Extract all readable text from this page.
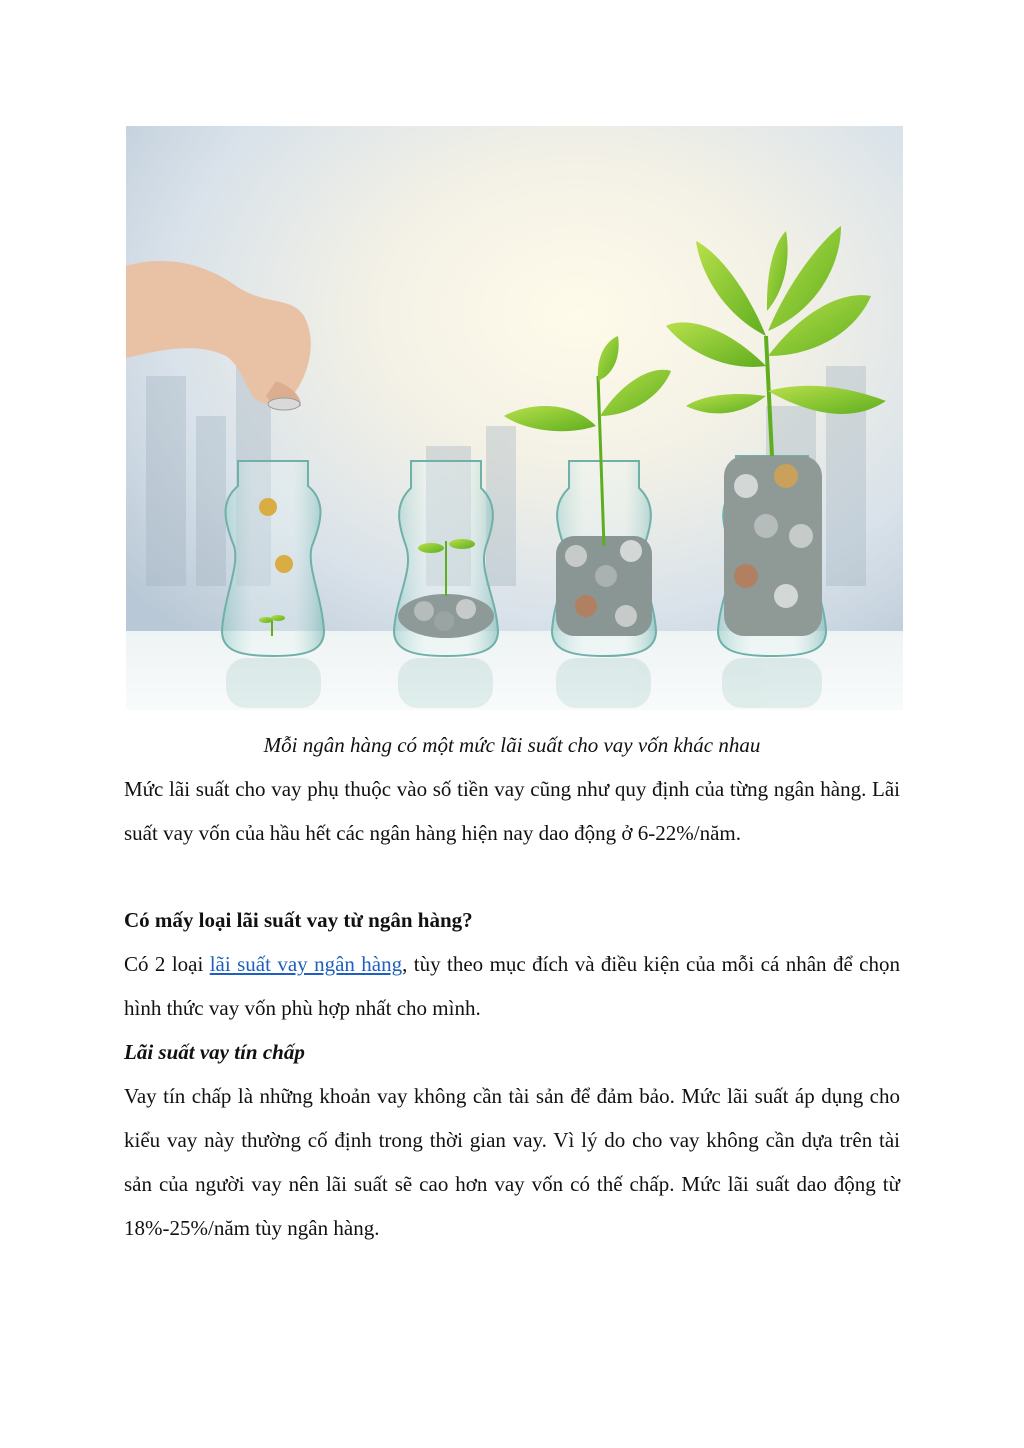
Mỗi ngân hàng có một mức lãi suất cho vay vốn khác nhau

Mức lãi suất cho vay phụ thuộc vào số tiền vay cũng như quy định của từng ngân hàng. Lãi suất vay vốn của hầu hết các ngân hàng hiện nay dao động ở 6-22%/năm.

Có mấy loại lãi suất vay từ ngân hàng?

Có 2 loại lãi suất vay ngân hàng, tùy theo mục đích và điều kiện của mỗi cá nhân để chọn hình thức vay vốn phù hợp nhất cho mình.

Lãi suất vay tín chấp

Vay tín chấp là những khoản vay không cần tài sản để đảm bảo. Mức lãi suất áp dụng cho kiểu vay này thường cố định trong thời gian vay. Vì lý do cho vay không cần dựa trên tài sản của người vay nên lãi suất sẽ cao hơn vay vốn có thế chấp. Mức lãi suất dao động từ 18%-25%/năm tùy ngân hàng.
